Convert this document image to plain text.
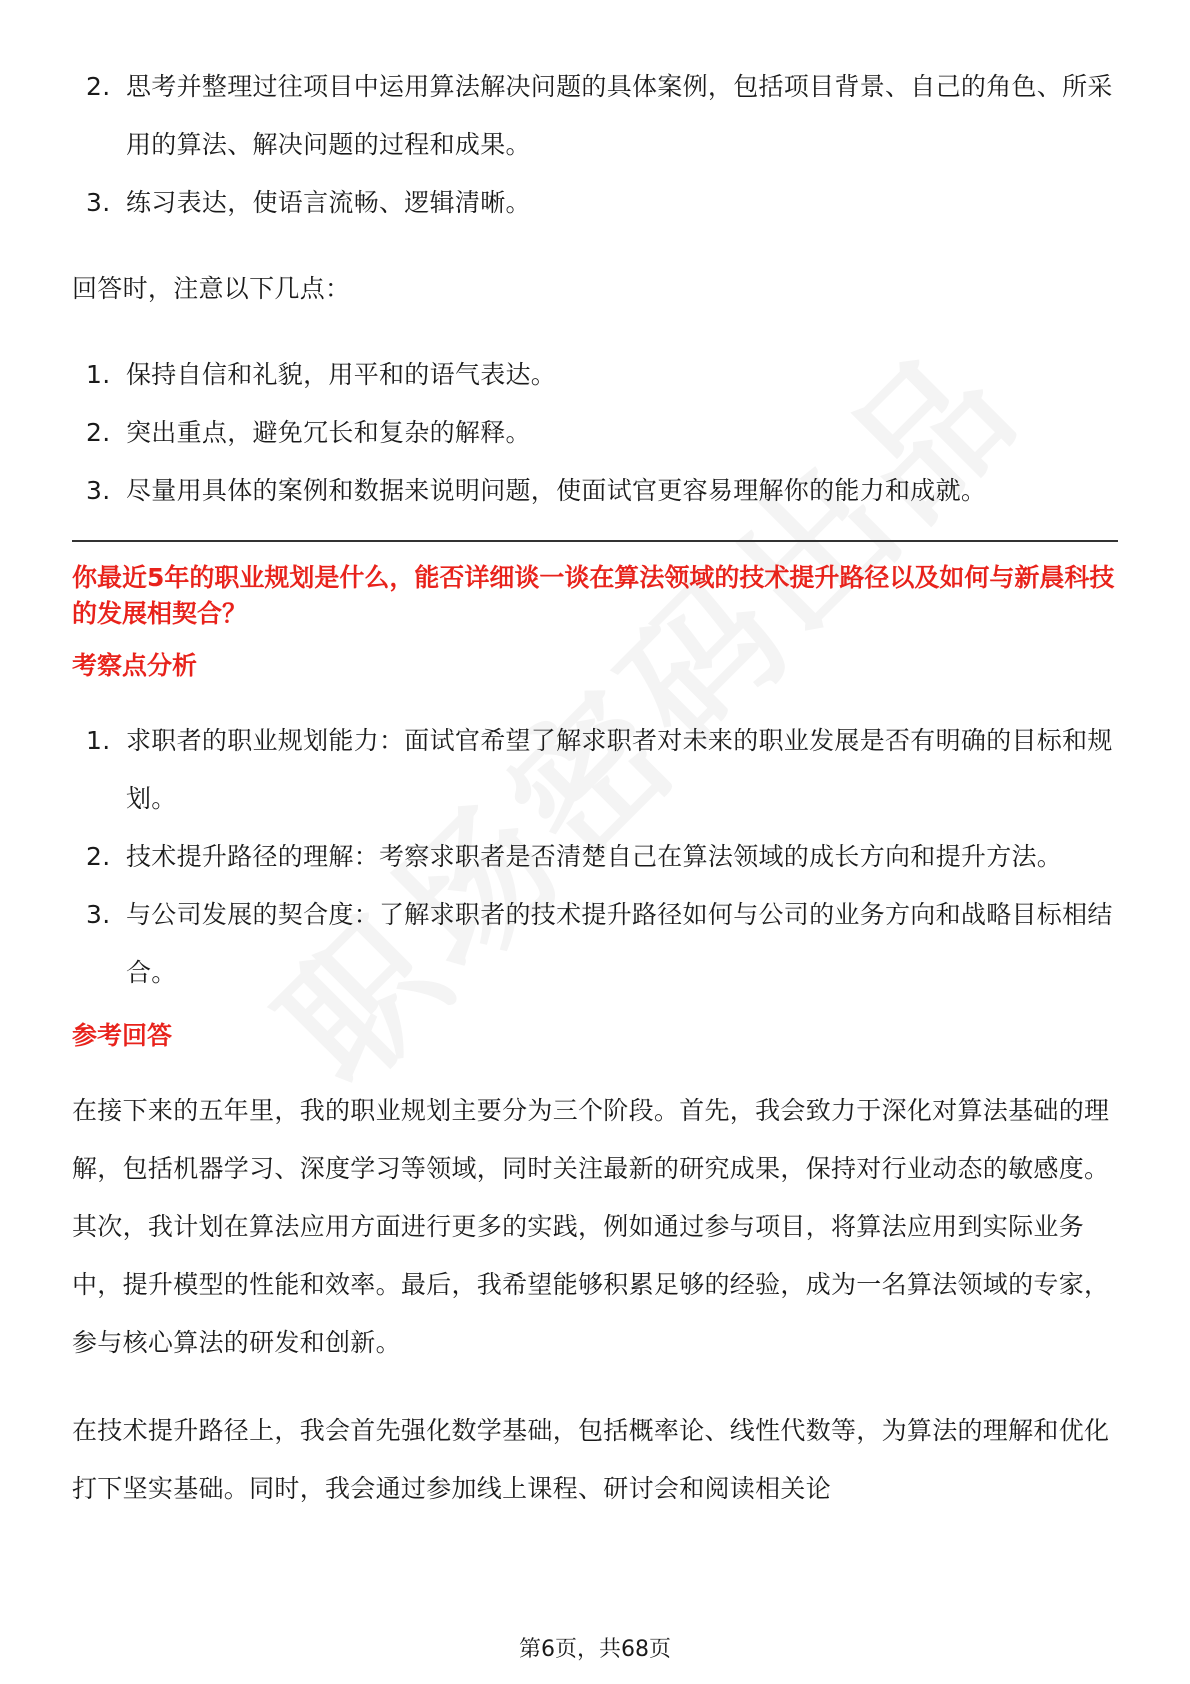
2. 思考并整理过往项目中运用算法解决问题的具体案例，包括项目背景、自己的角色、所采用的算法、解决问题的过程和成果。
3. 练习表达，使语言流畅、逻辑清晰。

回答时，注意以下几点：

1. 保持自信和礼貌，用平和的语气表达。
2. 突出重点，避免冗长和复杂的解释。
3. 尽量用具体的案例和数据来说明问题，使面试官更容易理解你的能力和成就。

你最近5年的职业规划是什么，能否详细谈一谈在算法领域的技术提升路径以及如何与新晨科技的发展相契合？

考察点分析

1. 求职者的职业规划能力：面试官希望了解求职者对未来的职业发展是否有明确的目标和规划。
2. 技术提升路径的理解：考察求职者是否清楚自己在算法领域的成长方向和提升方法。
3. 与公司发展的契合度：了解求职者的技术提升路径如何与公司的业务方向和战略目标相结合。

参考回答

在接下来的五年里，我的职业规划主要分为三个阶段。首先，我会致力于深化对算法基础的理解，包括机器学习、深度学习等领域，同时关注最新的研究成果，保持对行业动态的敏感度。其次，我计划在算法应用方面进行更多的实践，例如通过参与项目，将算法应用到实际业务中，提升模型的性能和效率。最后，我希望能够积累足够的经验，成为一名算法领域的专家，参与核心算法的研发和创新。

在技术提升路径上，我会首先强化数学基础，包括概率论、线性代数等，为算法的理解和优化打下坚实基础。同时，我会通过参加线上课程、研讨会和阅读相关论

第6页，共68页
